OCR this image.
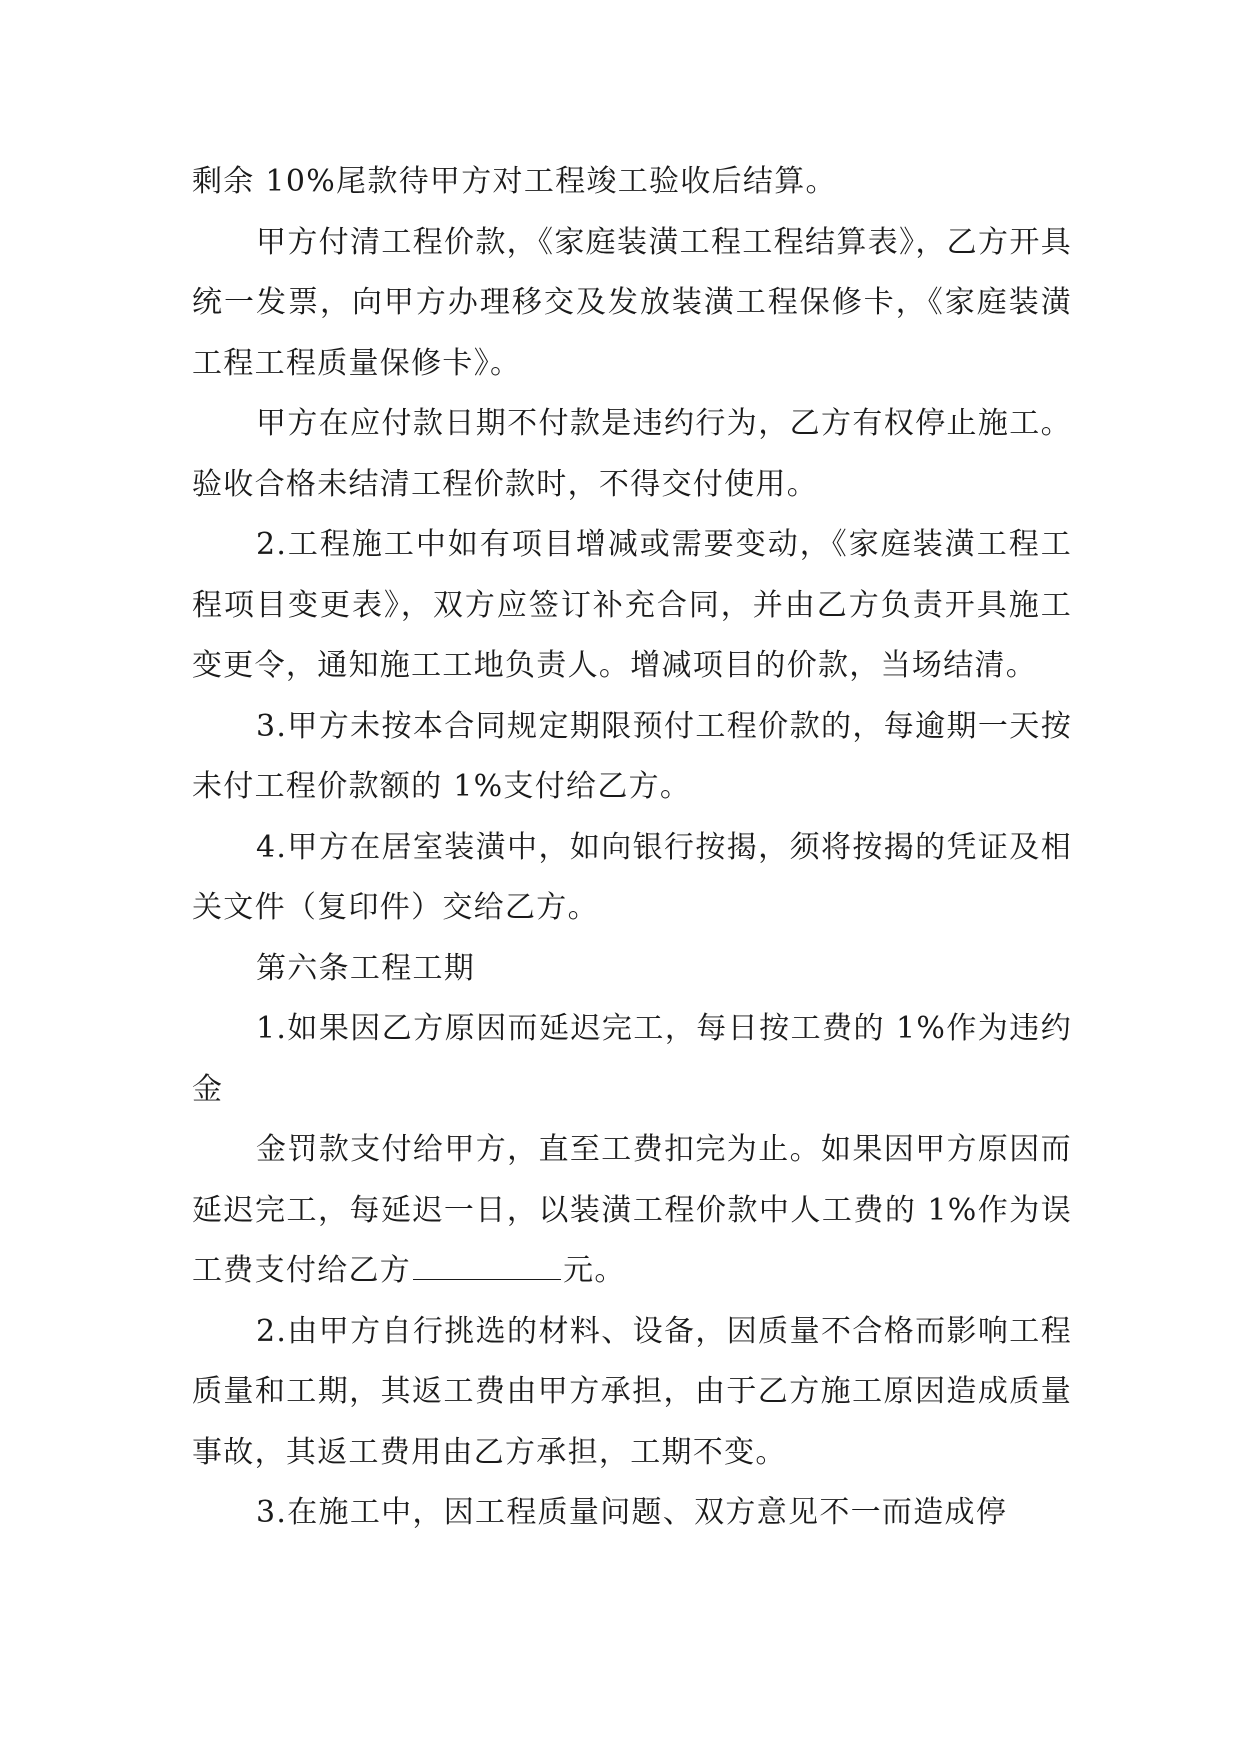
剩余 10%尾款待甲方对工程竣工验收后结算。

甲方付清工程价款，《家庭装潢工程工程结算表》，乙方开具统一发票，向甲方办理移交及发放装潢工程保修卡，《家庭装潢工程工程质量保修卡》。

甲方在应付款日期不付款是违约行为，乙方有权停止施工。验收合格未结清工程价款时，不得交付使用。

2.工程施工中如有项目增减或需要变动，《家庭装潢工程工程项目变更表》，双方应签订补充合同，并由乙方负责开具施工变更令，通知施工工地负责人。增减项目的价款，当场结清。

3.甲方未按本合同规定期限预付工程价款的，每逾期一天按未付工程价款额的 1%支付给乙方。

4.甲方在居室装潢中，如向银行按揭，须将按揭的凭证及相关文件（复印件）交给乙方。

第六条工程工期

1.如果因乙方原因而延迟完工，每日按工费的 1%作为违约金

金罚款支付给甲方，直至工费扣完为止。如果因甲方原因而延迟完工，每延迟一日，以装潢工程价款中人工费的 1%作为误工费支付给乙方	元。

2.由甲方自行挑选的材料、设备，因质量不合格而影响工程质量和工期，其返工费由甲方承担，由于乙方施工原因造成质量事故，其返工费用由乙方承担，工期不变。

3.在施工中，因工程质量问题、双方意见不一而造成停
